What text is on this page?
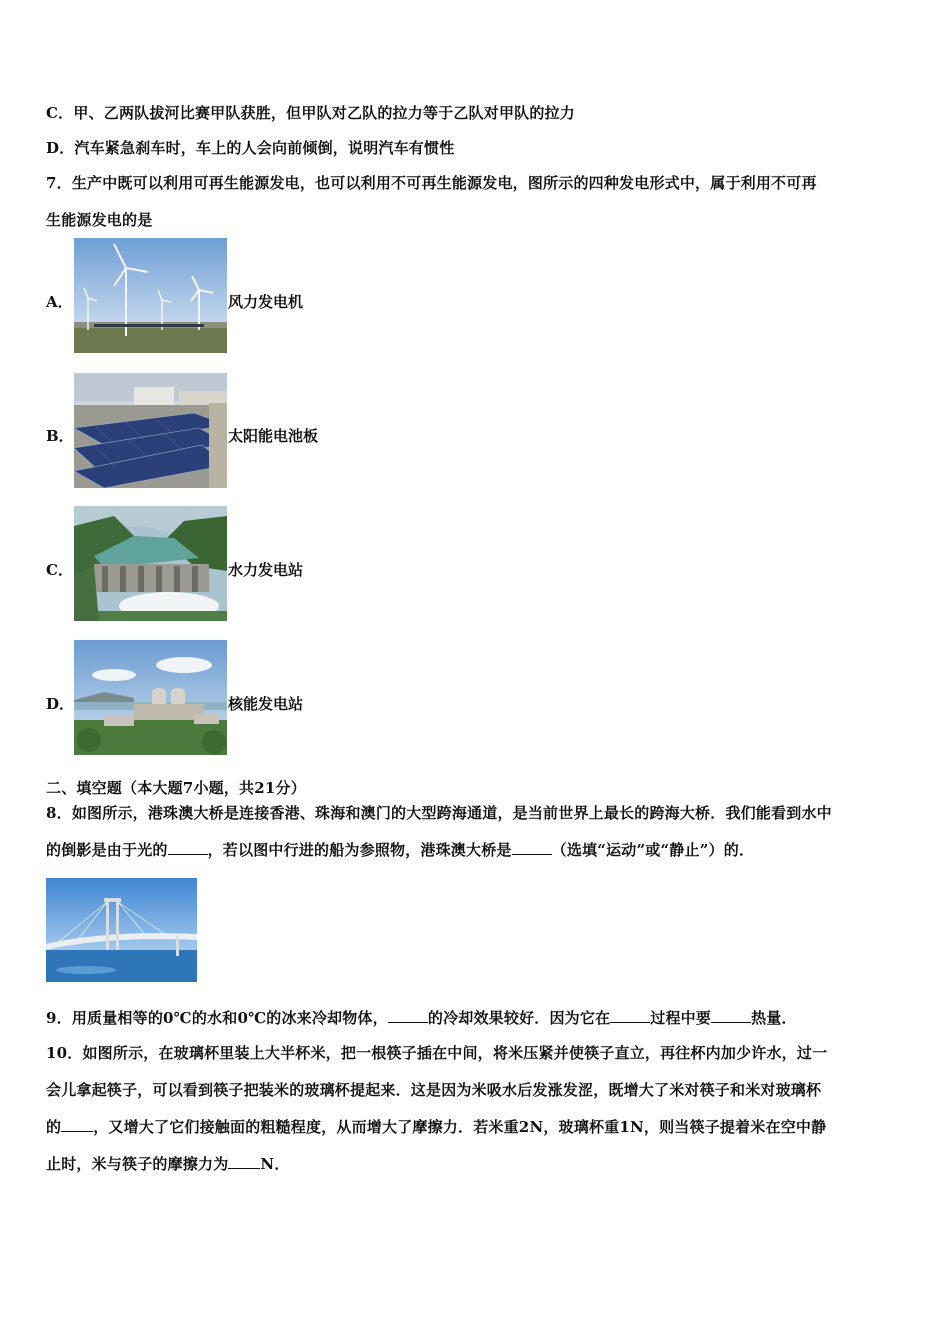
C．甲、乙两队拔河比赛甲队获胜，但甲队对乙队的拉力等于乙队对甲队的拉力
D．汽车紧急刹车时，车上的人会向前倾倒，说明汽车有惯性
7．生产中既可以利用可再生能源发电，也可以利用不可再生能源发电，图所示的四种发电形式中，属于利用不可再
生能源发电的是
A．	风力发电机
B．	太阳能电池板
C．	水力发电站
D．	核能发电站
二、填空题（本大题7小题，共21分）
8．如图所示，港珠澳大桥是连接香港、珠海和澳门的大型跨海通道，是当前世界上最长的跨海大桥．我们能看到水中
的倒影是由于光的	，若以图中行进的船为参照物，港珠澳大桥是	（选填“运动”或“静止”）的．
9．用质量相等的0℃的水和0℃的冰来冷却物体，	的冷却效果较好．因为它在	过程中要	热量．
10．如图所示，在玻璃杯里装上大半杯米，把一根筷子插在中间，将米压紧并使筷子直立，再往杯内加少许水，过一
会儿拿起筷子，可以看到筷子把装米的玻璃杯提起来．这是因为米吸水后发涨发涩，既增大了米对筷子和米对玻璃杯
的 ，又增大了它们接触面的粗糙程度，从而增大了摩擦力．若米重2N，玻璃杯重1N，则当筷子提着米在空中静
止时，米与筷子的摩擦力为 N．
